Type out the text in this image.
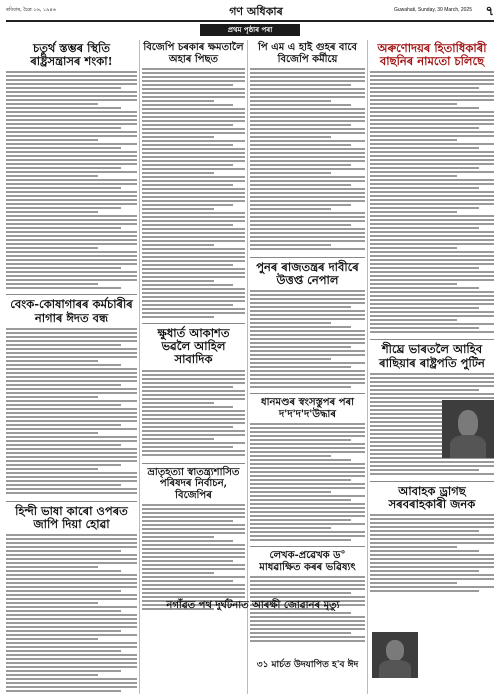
ৰবিবাৰ, চৈত্ৰ ১৬, ১৯৪৬	গণ অধিকাৰ	Guwahati, Sunday, 30 March, 2025 ৭
প্ৰথম পৃষ্ঠাৰ পৰা
চতুৰ্থ স্তম্ভৰ স্থিতি ৰাষ্ট্ৰসন্ত্ৰাসৰ শংকা!
বেংক-কোষাগাৰৰ কৰ্মচাৰীৰ নাগাৰ ঈদত বন্ধ
হিন্দী ভাষা কাৰো ওপৰত জাপি দিয়া হোৱা
বিজেপি চৰকাৰ ক্ষমতালৈ অহাৰ পিছত
ক্ষুধাৰ্ত আকাশত ভৱলৈ আহিল সাবাদিক
ভ্ৰাতৃহত্যা স্বাতন্ত্ৰ্যশাসিত পৰিষদৰ নিৰ্বাচন, বিজেপিৰ
পি এম এ হাই গুহৰ বাবে বিজেপি কৰ্মীয়ে
পুনৰ ৰাজতন্ত্ৰৰ দাবীৰে উত্তপ্ত নেপাল
ধানমণ্ডৰ স্বংসস্তুপৰ পৰা দ'দ'দ'দ'উদ্ধাৰ
লেখক-প্ৰৱেখক ড° মাধৱাক্ষিত কৰৰ ভৱিষ্যৎ
নগাঁৱত পথ দুৰ্ঘটনাত আৰক্ষী জোৱানৰ মৃত্যু
৩১ মাৰ্চত উদযাপিত হ'ব ঈদ
অৰুণোদয়ৰ হিতাধিকাৰী বাছনিৰ নামতো চলিছে
শীঘ্ৰে ভাৰতলৈ আহিব ৰাছিয়াৰ ৰাষ্ট্ৰপতি পুটিন
আবাহক ড্ৰাগছ সৰবৰাহকাৰী জনক
